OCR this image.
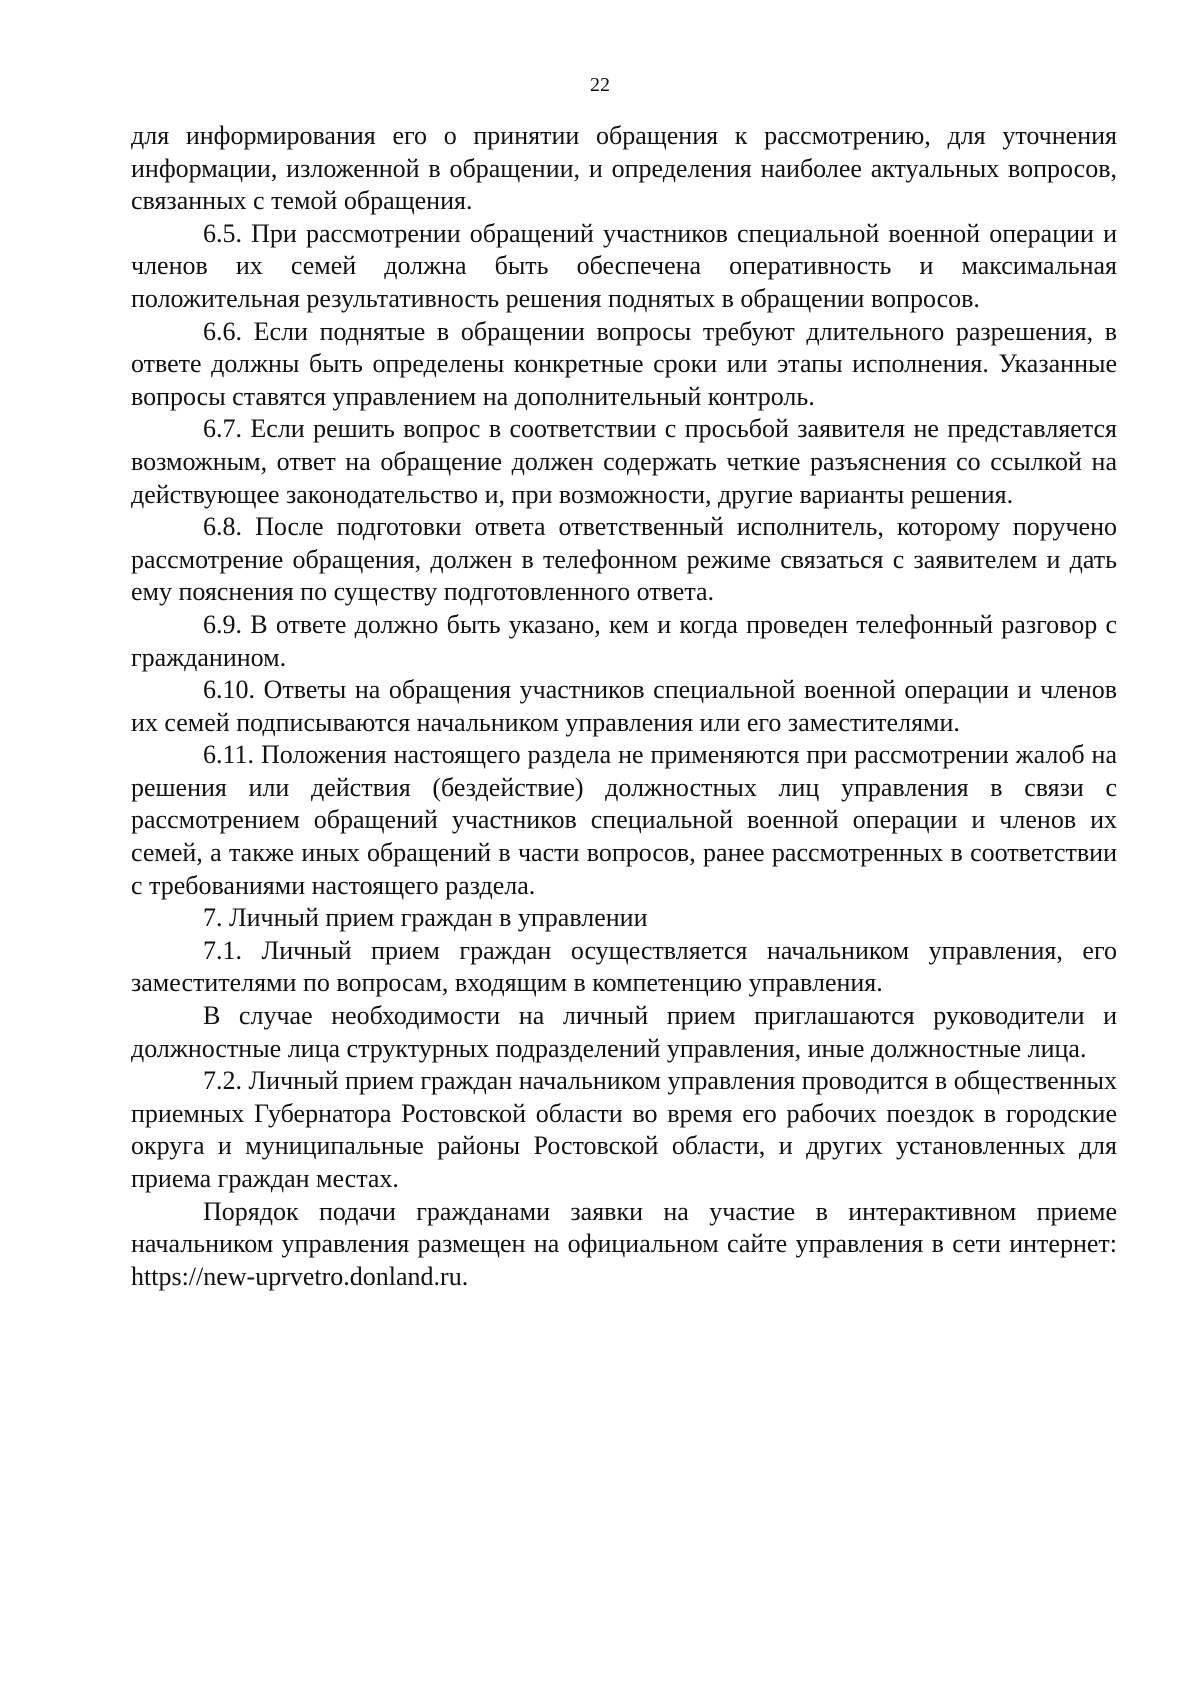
22

для информирования его о принятии обращения к рассмотрению, для уточнения информации, изложенной в обращении, и определения наиболее актуальных вопросов, связанных с темой обращения.

6.5. При рассмотрении обращений участников специальной военной операции и членов их семей должна быть обеспечена оперативность и максимальная положительная результативность решения поднятых в обращении вопросов.

6.6. Если поднятые в обращении вопросы требуют длительного разрешения, в ответе должны быть определены конкретные сроки или этапы исполнения. Указанные вопросы ставятся управлением на дополнительный контроль.

6.7. Если решить вопрос в соответствии с просьбой заявителя не представляется возможным, ответ на обращение должен содержать четкие разъяснения со ссылкой на действующее законодательство и, при возможности, другие варианты решения.

6.8. После подготовки ответа ответственный исполнитель, которому поручено рассмотрение обращения, должен в телефонном режиме связаться с заявителем и дать ему пояснения по существу подготовленного ответа.

6.9. В ответе должно быть указано, кем и когда проведен телефонный разговор с гражданином.

6.10. Ответы на обращения участников специальной военной операции и членов их семей подписываются начальником управления или его заместителями.

6.11. Положения настоящего раздела не применяются при рассмотрении жалоб на решения или действия (бездействие) должностных лиц управления в связи с рассмотрением обращений участников специальной военной операции и членов их семей, а также иных обращений в части вопросов, ранее рассмотренных в соответствии с требованиями настоящего раздела.

7. Личный прием граждан в управлении

7.1. Личный прием граждан осуществляется начальником управления, его заместителями по вопросам, входящим в компетенцию управления.

В случае необходимости на личный прием приглашаются руководители и должностные лица структурных подразделений управления, иные должностные лица.

7.2. Личный прием граждан начальником управления проводится в общественных приемных Губернатора Ростовской области во время его рабочих поездок в городские округа и муниципальные районы Ростовской области, и других установленных для приема граждан местах.

Порядок подачи гражданами заявки на участие в интерактивном приеме начальником управления размещен на официальном сайте управления в сети интернет: https://new-uprvetro.donland.ru.
